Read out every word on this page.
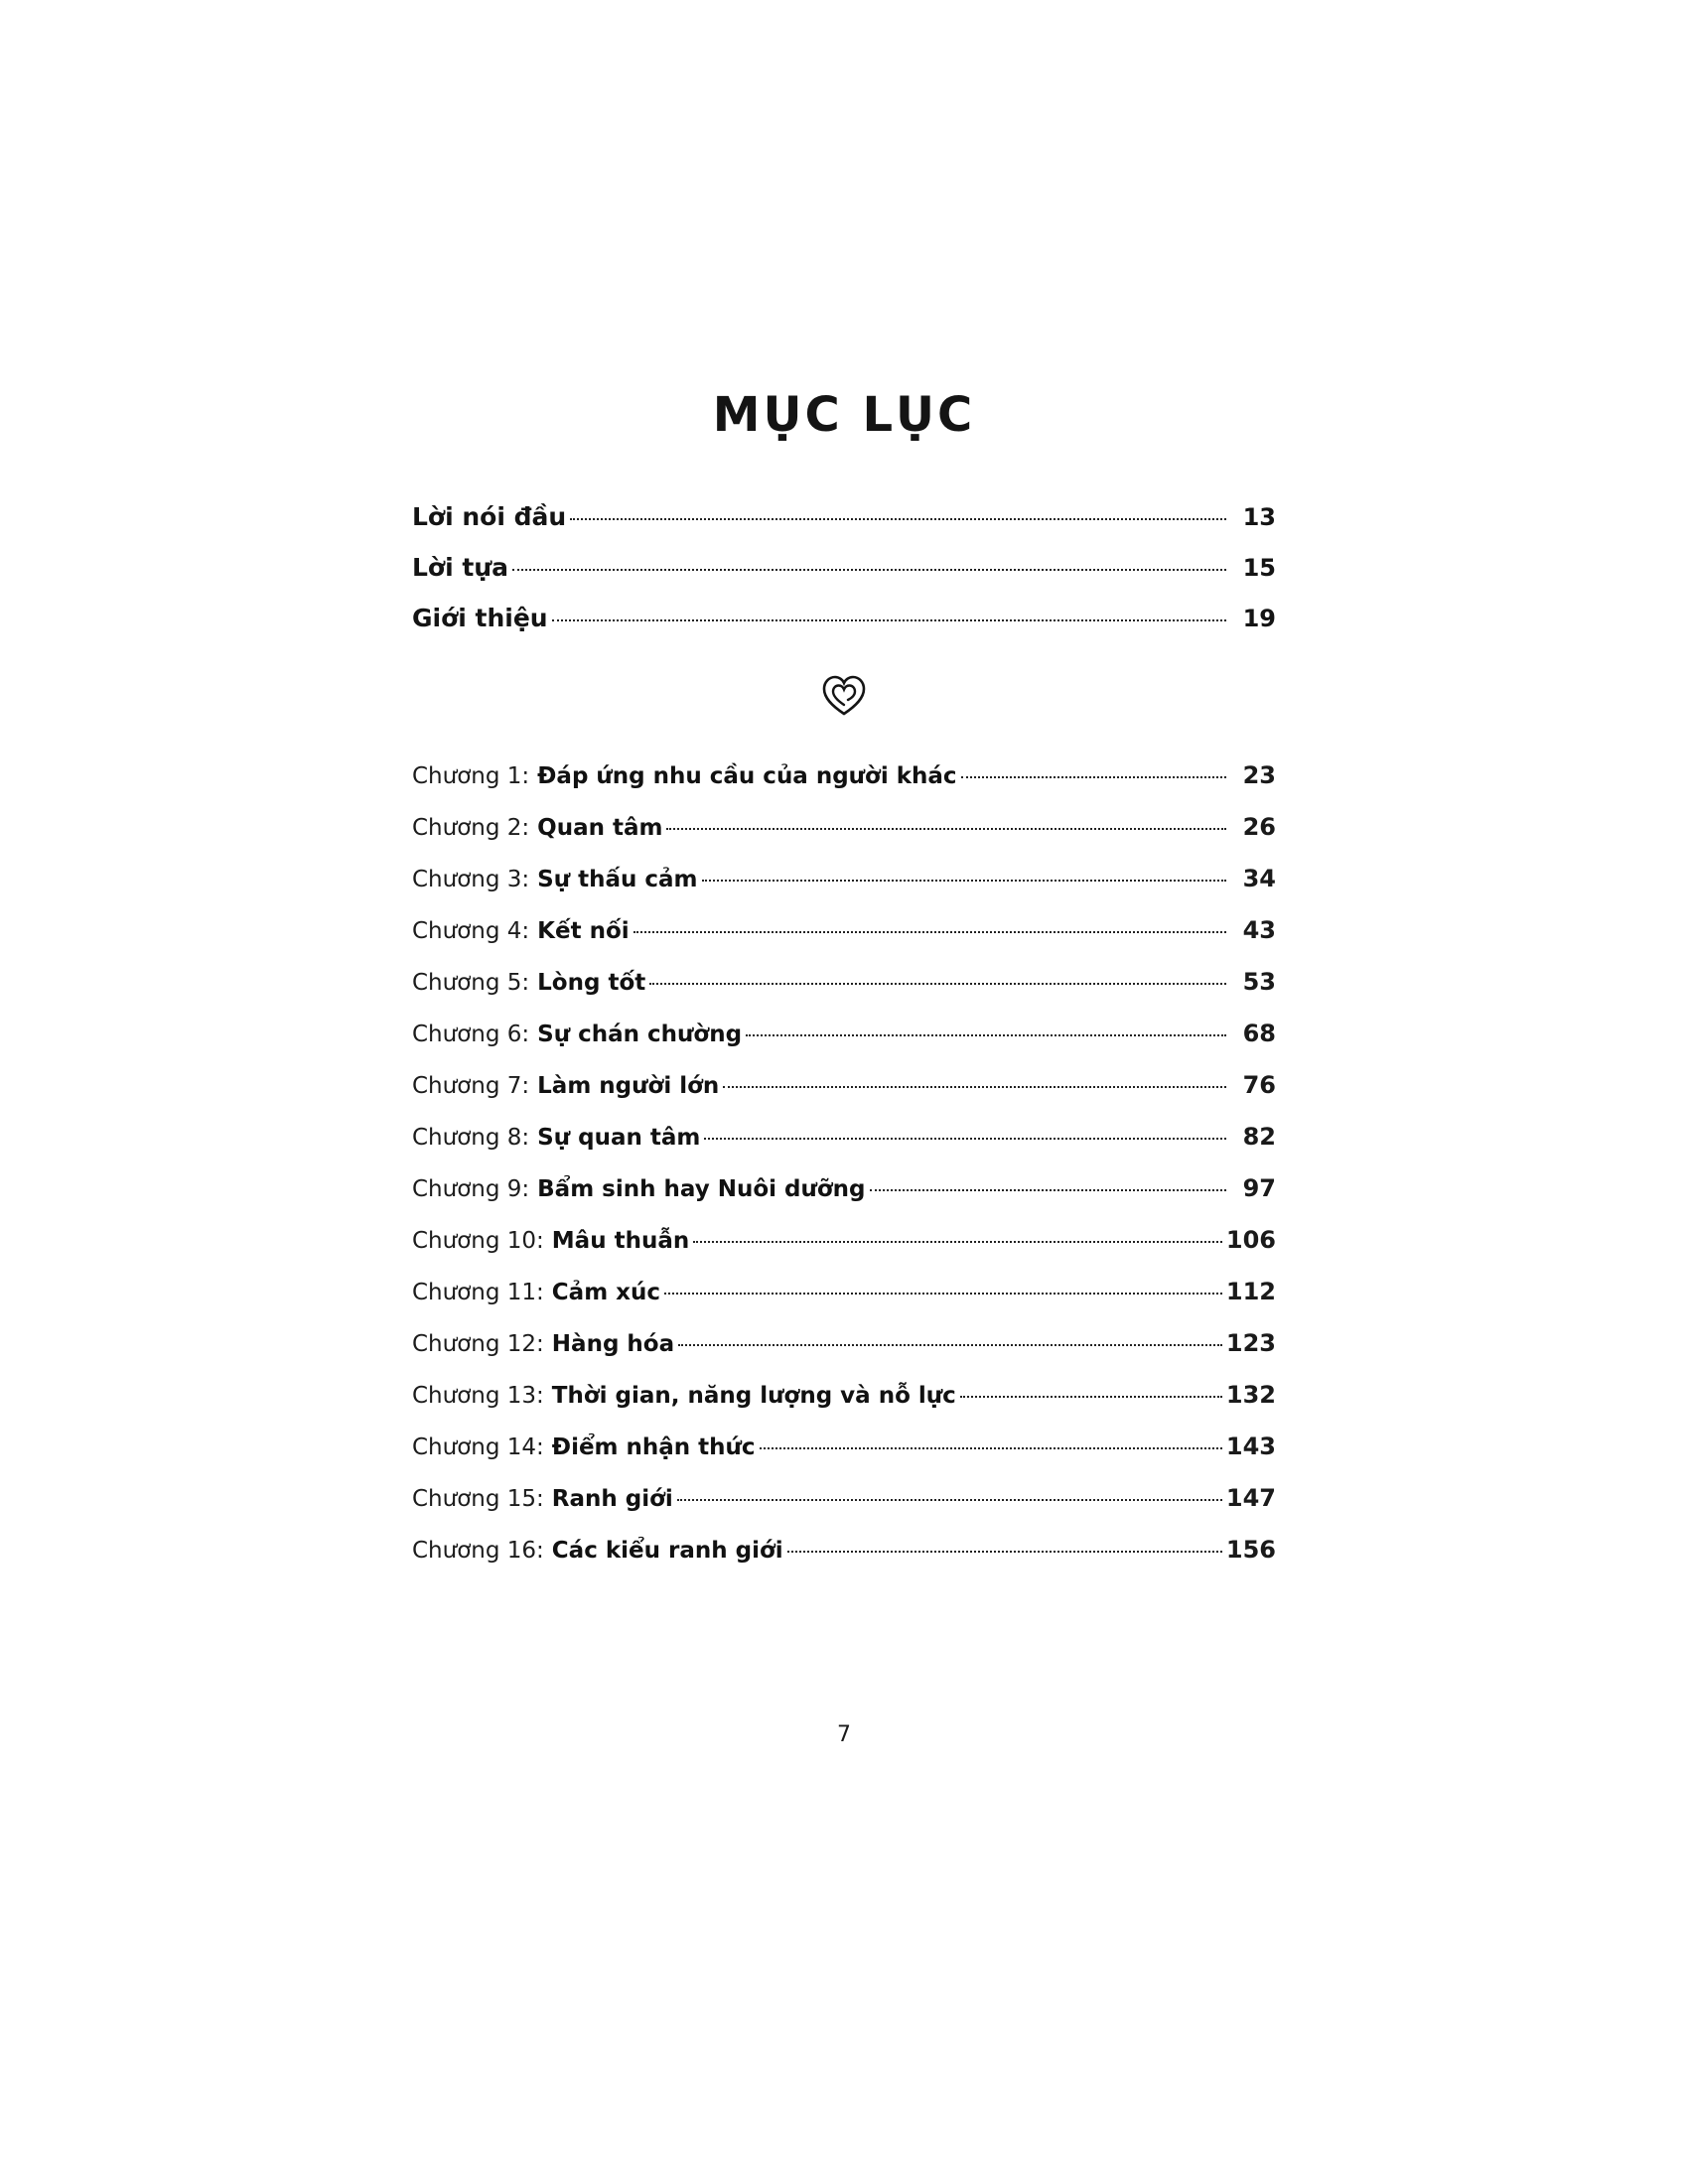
MỤC LỤC
Lời nói đầu	13
Lời tựa	15
Giới thiệu	19
Chương 1: Đáp ứng nhu cầu của người khác	23
Chương 2: Quan tâm	26
Chương 3: Sự thấu cảm	34
Chương 4: Kết nối	43
Chương 5: Lòng tốt	53
Chương 6: Sự chán chường	68
Chương 7: Làm người lớn	76
Chương 8: Sự quan tâm	82
Chương 9: Bẩm sinh hay Nuôi dưỡng	97
Chương 10: Mâu thuẫn	106
Chương 11: Cảm xúc	112
Chương 12: Hàng hóa	123
Chương 13: Thời gian, năng lượng và nỗ lực	132
Chương 14: Điểm nhận thức	143
Chương 15: Ranh giới	147
Chương 16: Các kiểu ranh giới	156
7
